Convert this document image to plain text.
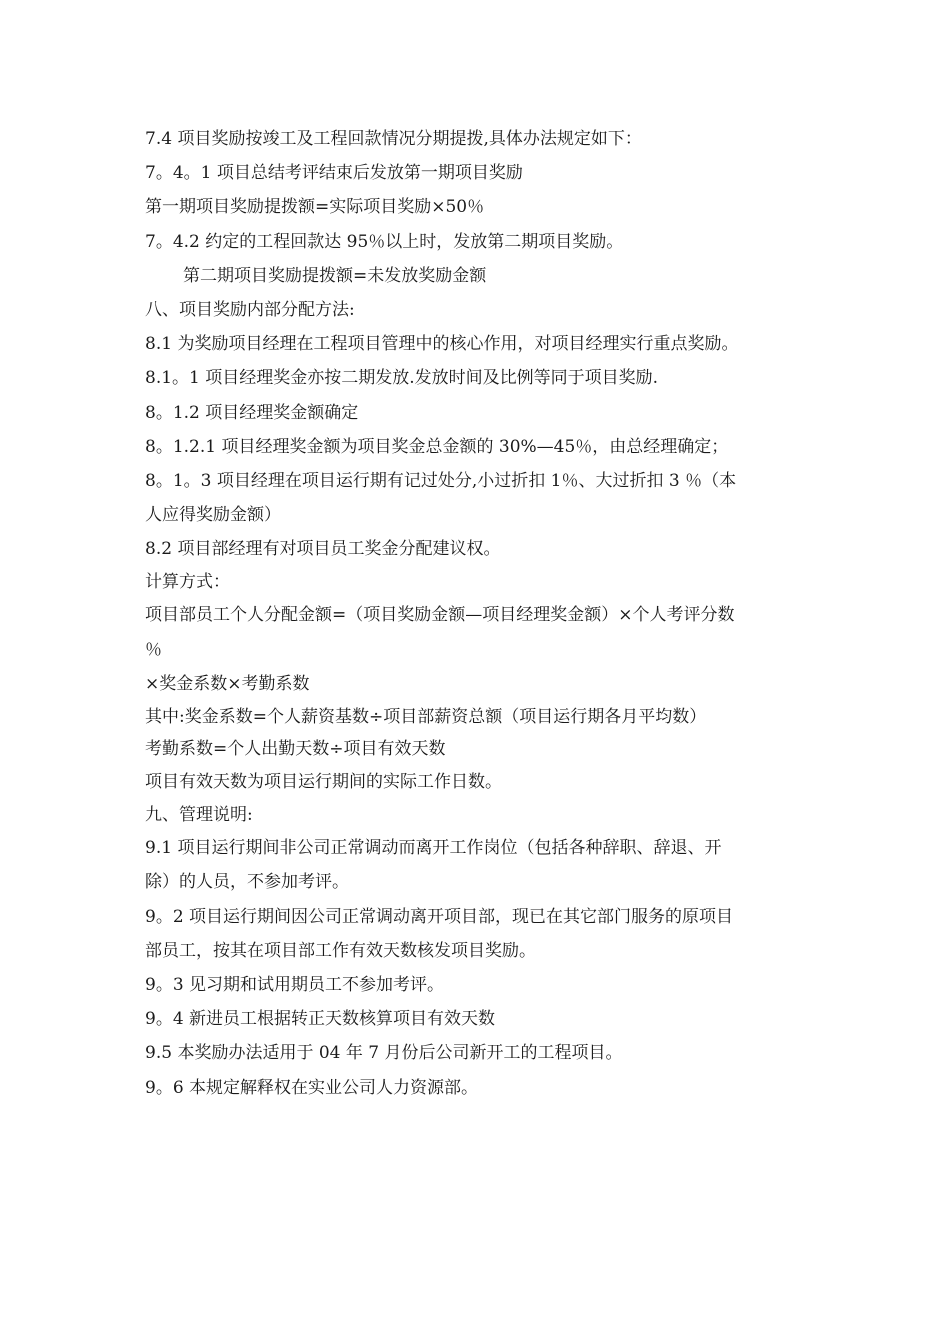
7.4 项目奖励按竣工及工程回款情况分期提拨,具体办法规定如下：
7。4。1 项目总结考评结束后发放第一期项目奖励
第一期项目奖励提拨额=实际项目奖励×50％
7。4.2 约定的工程回款达 95％以上时，发放第二期项目奖励。
第二期项目奖励提拨额=未发放奖励金额
八、项目奖励内部分配方法:
8.1 为奖励项目经理在工程项目管理中的核心作用，对项目经理实行重点奖励。
8.1。1 项目经理奖金亦按二期发放.发放时间及比例等同于项目奖励.
8。1.2 项目经理奖金额确定
8。1.2.1 项目经理奖金额为项目奖金总金额的 30%—45％，由总经理确定；
8。1。3 项目经理在项目运行期有记过处分,小过折扣 1％、大过折扣 3 ％（本
人应得奖励金额）
8.2 项目部经理有对项目员工奖金分配建议权。
计算方式：
项目部员工个人分配金额=（项目奖励金额—项目经理奖金额）×个人考评分数
％
×奖金系数×考勤系数
其中:奖金系数=个人薪资基数÷项目部薪资总额（项目运行期各月平均数）
考勤系数=个人出勤天数÷项目有效天数
项目有效天数为项目运行期间的实际工作日数。
九、管理说明:
9.1 项目运行期间非公司正常调动而离开工作岗位（包括各种辞职、辞退、开
除）的人员，不参加考评。
9。2 项目运行期间因公司正常调动离开项目部，现已在其它部门服务的原项目
部员工，按其在项目部工作有效天数核发项目奖励。
9。3 见习期和试用期员工不参加考评。
9。4 新进员工根据转正天数核算项目有效天数
9.5 本奖励办法适用于 04 年 7 月份后公司新开工的工程项目。
9。6 本规定解释权在实业公司人力资源部。
